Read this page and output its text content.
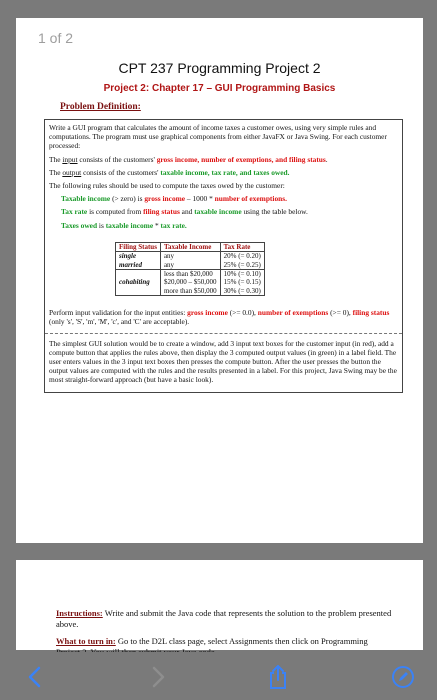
1 of 2
CPT 237 Programming Project 2
Project 2: Chapter 17 – GUI Programming Basics
Problem Definition:

Write a GUI program that calculates the amount of income taxes a customer owes, using very simple rules and computations. The program must use graphical components from either JavaFX or Java Swing. For each customer processed:

The input consists of the customers' gross income, number of exemptions, and filing status.

The output consists of the customers' taxable income, tax rate, and taxes owed.

The following rules should be used to compute the taxes owed by the customer:

Taxable income (> zero) is gross income – 1000 * number of exemptions.

Tax rate is computed from filing status and taxable income using the table below.

Taxes owed is taxable income * tax rate.

Filing Status	Taxable Income	Tax Rate
single	any	20% (= 0.20)
married	any	25% (= 0.25)
	less than $20,000	10% (= 0.10)
cohabiting	$20,000 – $50,000	15% (= 0.15)
	more than $50,000	30% (= 0.30)

Perform input validation for the input entities: gross income (>= 0.0), number of exemptions (>= 0), filing status (only 's', 'S', 'm', 'M', 'c', and 'C' are acceptable).

The simplest GUI solution would be to create a window, add 3 input text boxes for the customer input (in red), add a compute button that applies the rules above, then display the 3 computed output values (in green) in a label field. The user enters values in the 3 input text boxes then presses the compute button. After the user presses the button the output values are computed with the rules and the results presented in a label. For this project, Java Swing may be the most straight-forward approach (but have a basic look).

Instructions: Write and submit the Java code that represents the solution to the problem presented above.

What to turn in: Go to the D2L class page, select Assignments then click on Programming
